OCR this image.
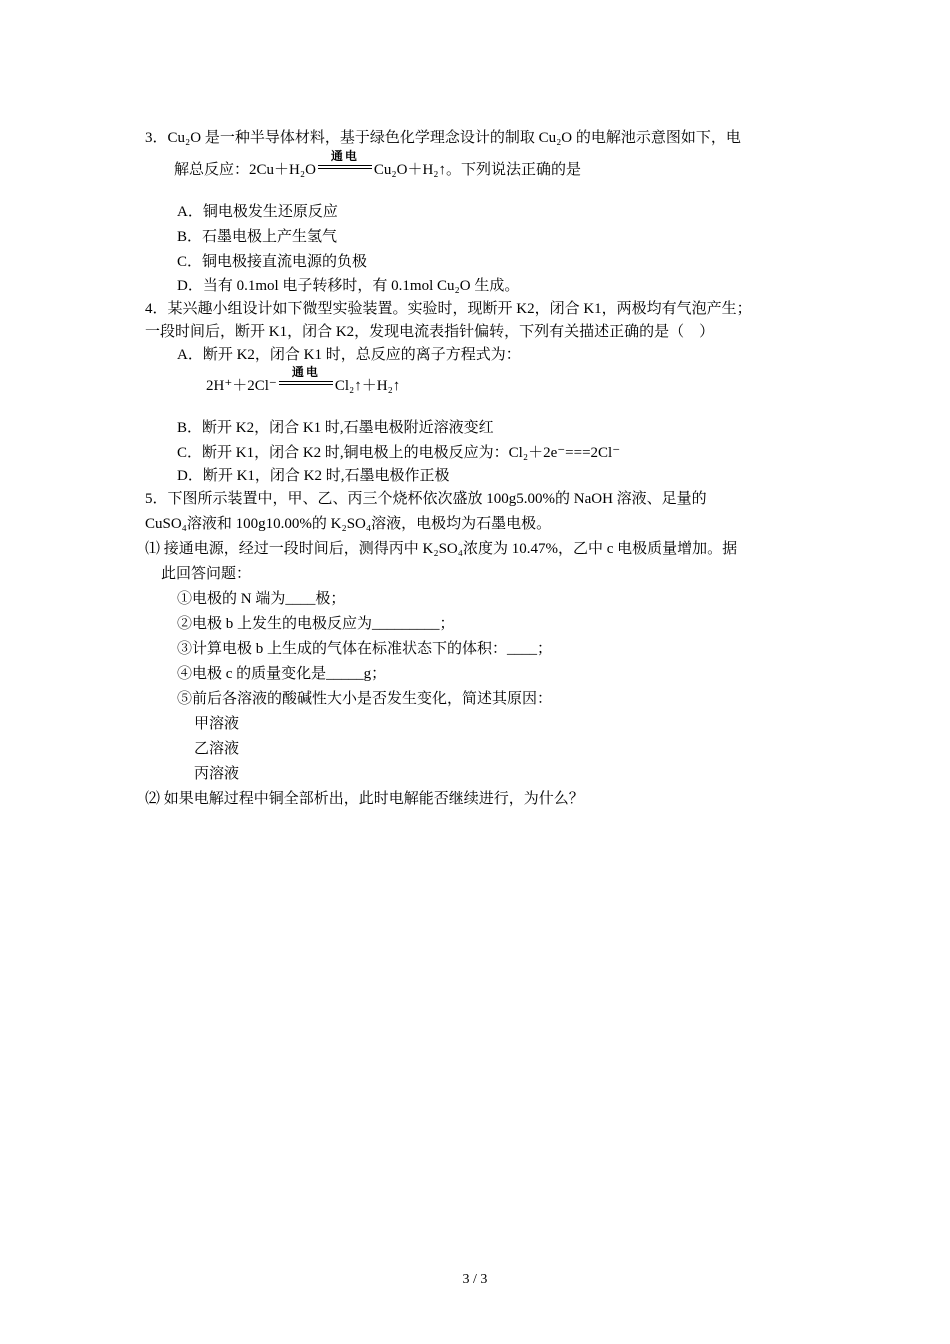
3．Cu₂O 是一种半导体材料，基于绿色化学理念设计的制取 Cu₂O 的电解池示意图如下，电
解总反应：2Cu＋H₂O
通电
Cu₂O＋H₂↑。下列说法正确的是
A．铜电极发生还原反应
B．石墨电极上产生氢气
C．铜电极接直流电源的负极
D．当有 0.1mol 电子转移时，有 0.1mol Cu₂O 生成。
4．某兴趣小组设计如下微型实验装置。实验时，现断开 K2，闭合 K1，两极均有气泡产生；
一段时间后，断开 K1，闭合 K2，发现电流表指针偏转，下列有关描述正确的是（　）
A．断开 K2，闭合 K1 时，总反应的离子方程式为：
2H⁺＋2Cl⁻
通电
Cl₂↑＋H₂↑
B．断开 K2，闭合 K1 时,石墨电极附近溶液变红
C．断开 K1，闭合 K2 时,铜电极上的电极反应为：Cl₂＋2e⁻===2Cl⁻
D．断开 K1，闭合 K2 时,石墨电极作正极
5．下图所示装置中，甲、乙、丙三个烧杯依次盛放 100g5.00%的 NaOH 溶液、足量的
CuSO₄溶液和 100g10.00%的 K₂SO₄溶液，电极均为石墨电极。
⑴ 接通电源，经过一段时间后，测得丙中 K₂SO₄浓度为 10.47%，乙中 c 电极质量增加。据
此回答问题：
①电极的 N 端为____极；
②电极 b 上发生的电极反应为_________；
③计算电极 b 上生成的气体在标准状态下的体积：____；
④电极 c 的质量变化是_____g；
⑤前后各溶液的酸碱性大小是否发生变化，简述其原因：
甲溶液
乙溶液
丙溶液
⑵ 如果电解过程中铜全部析出，此时电解能否继续进行，为什么？
3 / 3
